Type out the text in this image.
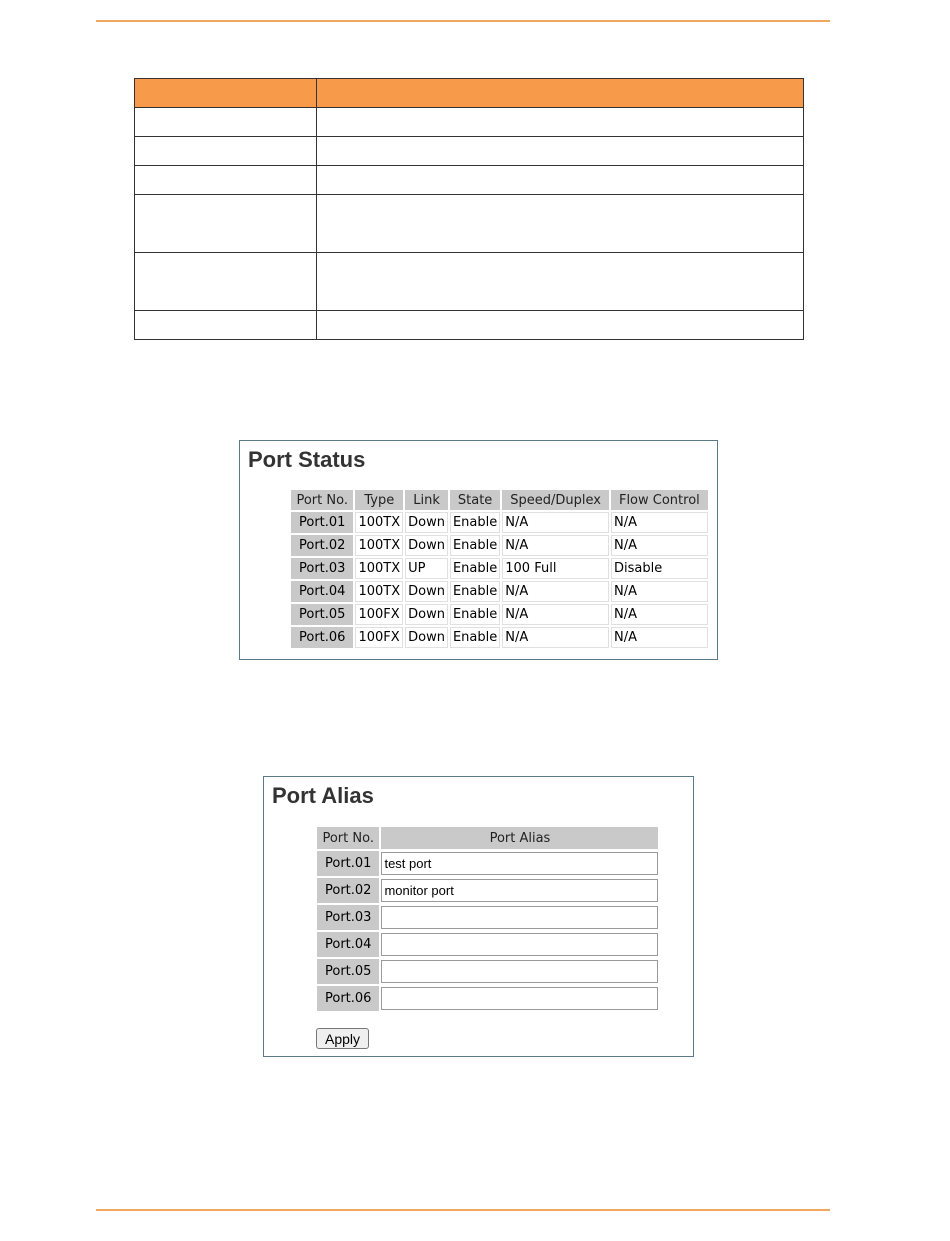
Port Status
Port No.	Type	Link	State	Speed/Duplex	Flow Control
Port.01	100TX	Down	Enable	N/A	N/A
Port.02	100TX	Down	Enable	N/A	N/A
Port.03	100TX	UP	Enable	100 Full	Disable
Port.04	100TX	Down	Enable	N/A	N/A
Port.05	100FX	Down	Enable	N/A	N/A
Port.06	100FX	Down	Enable	N/A	N/A
Port Alias
Port No.	Port Alias
Port.01	test port
Port.02	monitor port
Port.03	
Port.04	
Port.05	
Port.06	
Apply
